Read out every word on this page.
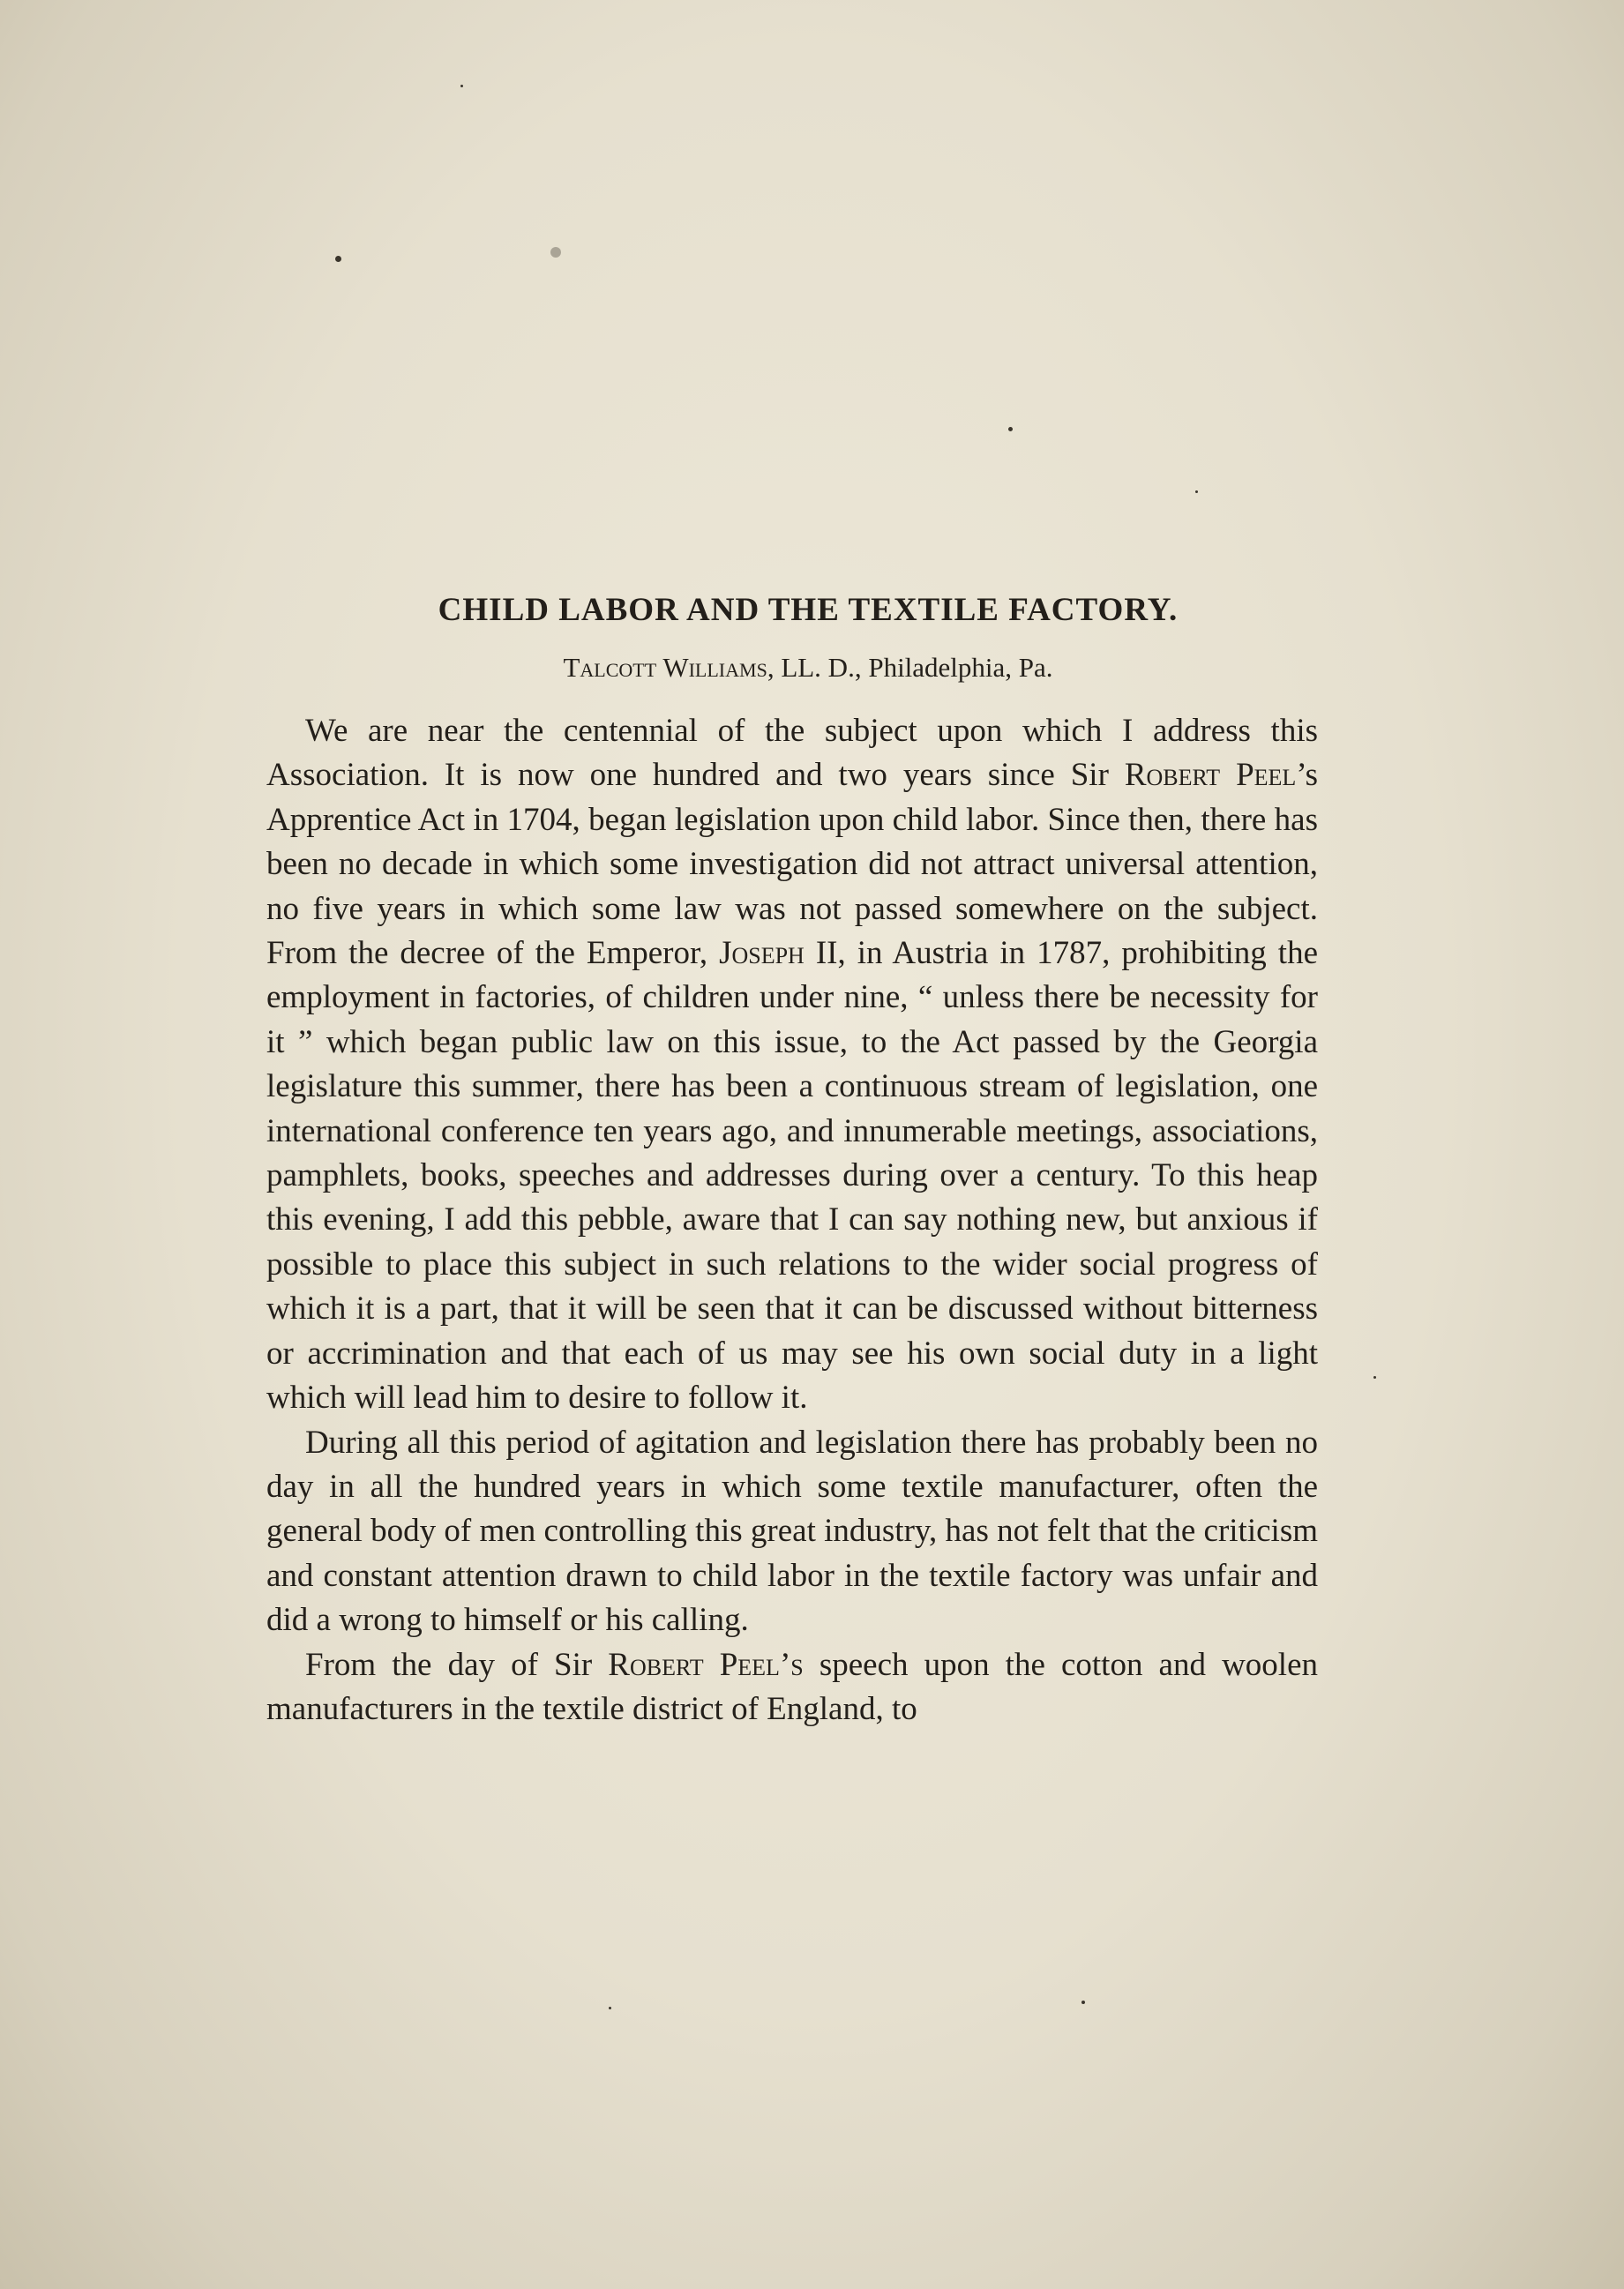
CHILD LABOR AND THE TEXTILE FACTORY.

Talcott Williams, LL. D., Philadelphia, Pa.

We are near the centennial of the subject upon which I address this Association. It is now one hundred and two years since Sir Robert Peel’s Apprentice Act in 1704, began legislation upon child labor. Since then, there has been no decade in which some investigation did not attract universal attention, no five years in which some law was not passed somewhere on the subject. From the decree of the Emperor, Joseph II, in Austria in 1787, prohibiting the employment in factories, of children under nine, “ unless there be necessity for it ” which began public law on this issue, to the Act passed by the Georgia legislature this summer, there has been a continuous stream of legislation, one international conference ten years ago, and innumerable meetings, associations, pamphlets, books, speeches and addresses during over a century. To this heap this evening, I add this pebble, aware that I can say nothing new, but anxious if possible to place this subject in such relations to the wider social progress of which it is a part, that it will be seen that it can be discussed without bitterness or accrimination and that each of us may see his own social duty in a light which will lead him to desire to follow it.

During all this period of agitation and legislation there has probably been no day in all the hundred years in which some textile manufacturer, often the general body of men controlling this great industry, has not felt that the criticism and constant attention drawn to child labor in the textile factory was unfair and did a wrong to himself or his calling.

From the day of Sir Robert Peel’s speech upon the cotton and woolen manufacturers in the textile district of England, to
